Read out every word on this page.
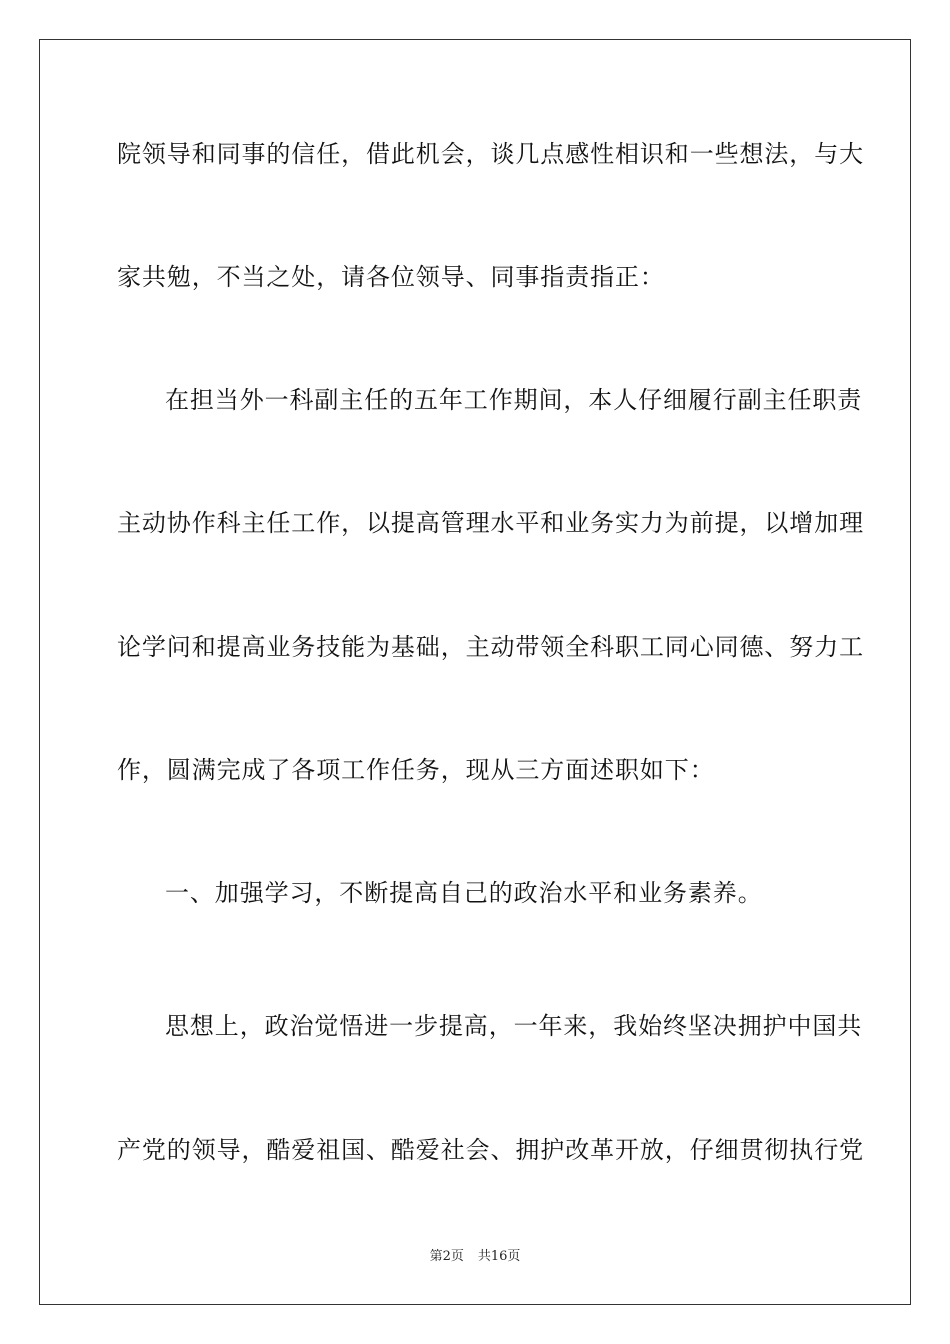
院领导和同事的信任，借此机会，谈几点感性相识和一些想法，与大
家共勉，不当之处，请各位领导、同事指责指正：
在担当外一科副主任的五年工作期间，本人仔细履行副主任职责
主动协作科主任工作，以提高管理水平和业务实力为前提，以增加理
论学问和提高业务技能为基础，主动带领全科职工同心同德、努力工
作，圆满完成了各项工作任务，现从三方面述职如下：
一、加强学习，不断提高自己的政治水平和业务素养。
思想上，政治觉悟进一步提高，一年来，我始终坚决拥护中国共
产党的领导，酷爱祖国、酷爱社会、拥护改革开放，仔细贯彻执行党
第2页 共16页
